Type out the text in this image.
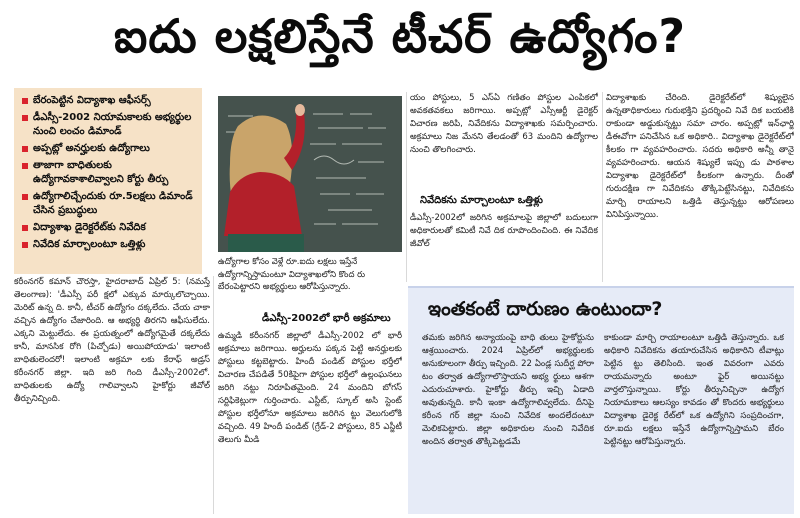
ఐదు లక్షలిస్తేనే టీచర్ ఉద్యోగం?
బేరంపెట్టిన విద్యాశాఖ ఆఫీసర్స్
డీఎస్సీ-2002 నియామకాలకు అభ్యర్థుల నుంచి లంచం డిమాండ్
అప్పట్లో అనర్హులకు ఉద్యోగాలు
తాజాగా బాధితులకు ఉద్యోగావకాశాలివ్వాలని కోర్టు తీర్పు
ఉద్యోగాలిచ్చేందుకు రూ.5లక్షలు డిమాండ్ చేసిన ప్రబుద్ధులు
విద్యాశాఖ డైరెక్టరేట్‌కు నివేదిక
నివేదిక మార్చాలంటూ ఒత్తిళ్లు
ఉద్యోగాల కోసం వెళ్లే రూ.ఐదు లక్షలు ఇస్తేనే ఉద్యోగాన్నిస్తామంటూ విద్యాశాఖలోని కొంద రు బేరంపెట్టారని అభ్యర్థులు ఆరోపిస్తున్నారు.
కరీంనగర్ కమాన్ చౌరస్తా, హైదరాబాద్ ఏప్రిల్ 5: (నమస్తే తెలంగాణ): 'డీఎస్సీ పరీ క్షలో ఎక్కువ మార్కులొచ్చాయి. మెరిట్ ఉన్న ది. కానీ, టీచర్ ఉద్యోగం దక్కలేదు. చేయ చాకా వచ్చిన ఉద్యోగం చేజారింది. ఆ అభ్యర్థి తిరగని ఆఫీసులేదు. ఎక్కని మెట్టులేదు. ఈ ప్రయత్నంలో ఉద్యోగమైతే దక్కలేదు కానీ, మానసిక రోగి (పిచ్చోడు) అయిపోయాడు' ఇలాంటి బాధితులెందరో! ఇలాంటి అక్రమా లకు కేరాఫ్ అడ్రస్ కరీంనగర్ జిల్లా. ఇది జరి గింది డీఎస్సీ-2002లో. బాధితులకు ఉద్యో గాలివ్వాలని హైకోర్టు జీవోల్ తీర్పునిచ్చింది.
డీఎస్సీ-2002లో భారీ అక్రమాలు
ఉమ్మడి కరీంనగర్ జిల్లాలో డీఎస్సీ-2002 లో భారీ అక్రమాలు జరిగాయి. అర్హులను పక్కన పెట్టి అనర్హులకు పోస్టులు కట్టబెట్టారు. హిందీ పండిట్ పోస్టుల భర్తీలో విచారణ చేపడితే 50కిపైగా పోస్టుల భర్తీలో ఉల్లంఘనలు జరిగి నట్టు నిరూపితమైంది. 24 మందిని బోగస్ సర్టిఫికెట్లుగా గుర్తించారు. ఎస్టీట్, స్కూల్ అసి స్టెంట్ పోస్టుల భర్తీలోనూ అక్రమాలు జరిగిన ట్టు వెలుగులోకి వచ్చింది. 49 హిందీ పండిట్ (గ్రేడ్-2 పోస్టులు, 85 ఎస్జీటీ తెలుగు మీడి
యం పోస్టులు, 5 ఎస్ఏ గణితం పోస్టుల ఎంపికలో అవకతవకలు జరిగాయి. అప్పట్లో ఎస్సీఆర్టీ డైరెక్టర్ విచారణ జరిపి, నివేదికను విద్యాశాఖకు సమర్పించారు. అక్రమాలు నిజ మేనని తేలడంతో 63 మందిని ఉద్యోగాల నుంచి తొలగించారు.
నివేదికను మార్చాలంటూ ఒత్తిళ్లు
డీఎస్సీ-2002లో జరిగిన అక్రమాలపై జిల్లాలో బదులుగా అధికారులతో కమిటీ నివే దిక రూపొందించింది. ఈ నివేదిక జీవోల్
విద్యాశాఖకు చేరింది. డైరెక్టరేట్‌లో శిష్యులైన ఉన్నతాధికారులు గురుభక్తిని ప్రదర్శించి నివే దిక బయటికి రాకుండా అడ్డుకున్నట్టు సమా చారం. అప్పట్లో ఇన్‌ఛార్జి డీఈవోగా పనిచేసిన ఒక అధికారి.. విద్యాశాఖ డైరెక్టరేట్‌లో కీలకం గా వ్యవహరించారు. సదరు అధికారి అన్నీ తానై వ్యవహరించారు. ఆయన శిష్యులే ఇప్పు డు పాఠశాల విద్యాశాఖ డైరెక్టరేట్‌లో కీలకంగా ఉన్నారు. దీంతో గురుదక్షిణ గా నివేదికను తొక్కిపెట్టేసినట్టు, నివేదికను మార్చి రాయాలని ఒత్తిడి తెస్తున్నట్టు ఆరోపణలు వినిపిస్తున్నాయి.
ఇంతకంటే దారుణం ఉంటుందా?
తమకు జరిగిన అన్యాయంపై బాధి తులు హైకోర్టును ఆశ్రయించారు. 2024 ఏప్రిల్‌లో అభ్యర్థులకు అనుకూలంగా తీర్పు ఇచ్చింది. 22 ఏండ్ల సుదీర్ఘ పోరా టం తర్వాత ఉద్యోగాలొస్తాయని అభ్య ర్థులు ఆశగా ఎదురుచూశారు. హైకోర్టు తీర్పు ఇచ్చి ఏడాది అవుతున్నది. కానీ ఇంకా ఉద్యోగాలివ్వలేదు. దీనిపై కరీంన గర్ జిల్లా నుంచి నివేదిక అందలేదంటూ మెలికపెట్టారు. జిల్లా అధికారుల నుంచి నివేదిక అందిన తర్వాత తొక్కిపెట్టడమే
కాకుండా మార్చి రాయాలంటూ ఒత్తిడి తెస్తున్నారు. ఒక అధికారి నివేదికను తయారుచేసిన అధికారిని టీవాట్లు పెట్టిన ట్టు తెలిసింది. ఇంత వివరంగా ఎవరు రాయమన్నారు అంటూ ఫైర్ అయినట్టు వార్తలొస్తున్నాయి. కోర్టు తీర్పునిచ్చినా ఉద్యోగ నియామకాలు ఆలస్యం కావడం తో కొందరు అభ్యర్థులు విద్యాశాఖ డైరెక్ట రేట్‌లో ఒక ఉద్యోగిని సంప్రదించగా, రూ.ఐదు లక్షలు ఇస్తేనే ఉద్యోగాన్నిస్తామని బేరం పెట్టినట్టు ఆరోపిస్తున్నారు.
